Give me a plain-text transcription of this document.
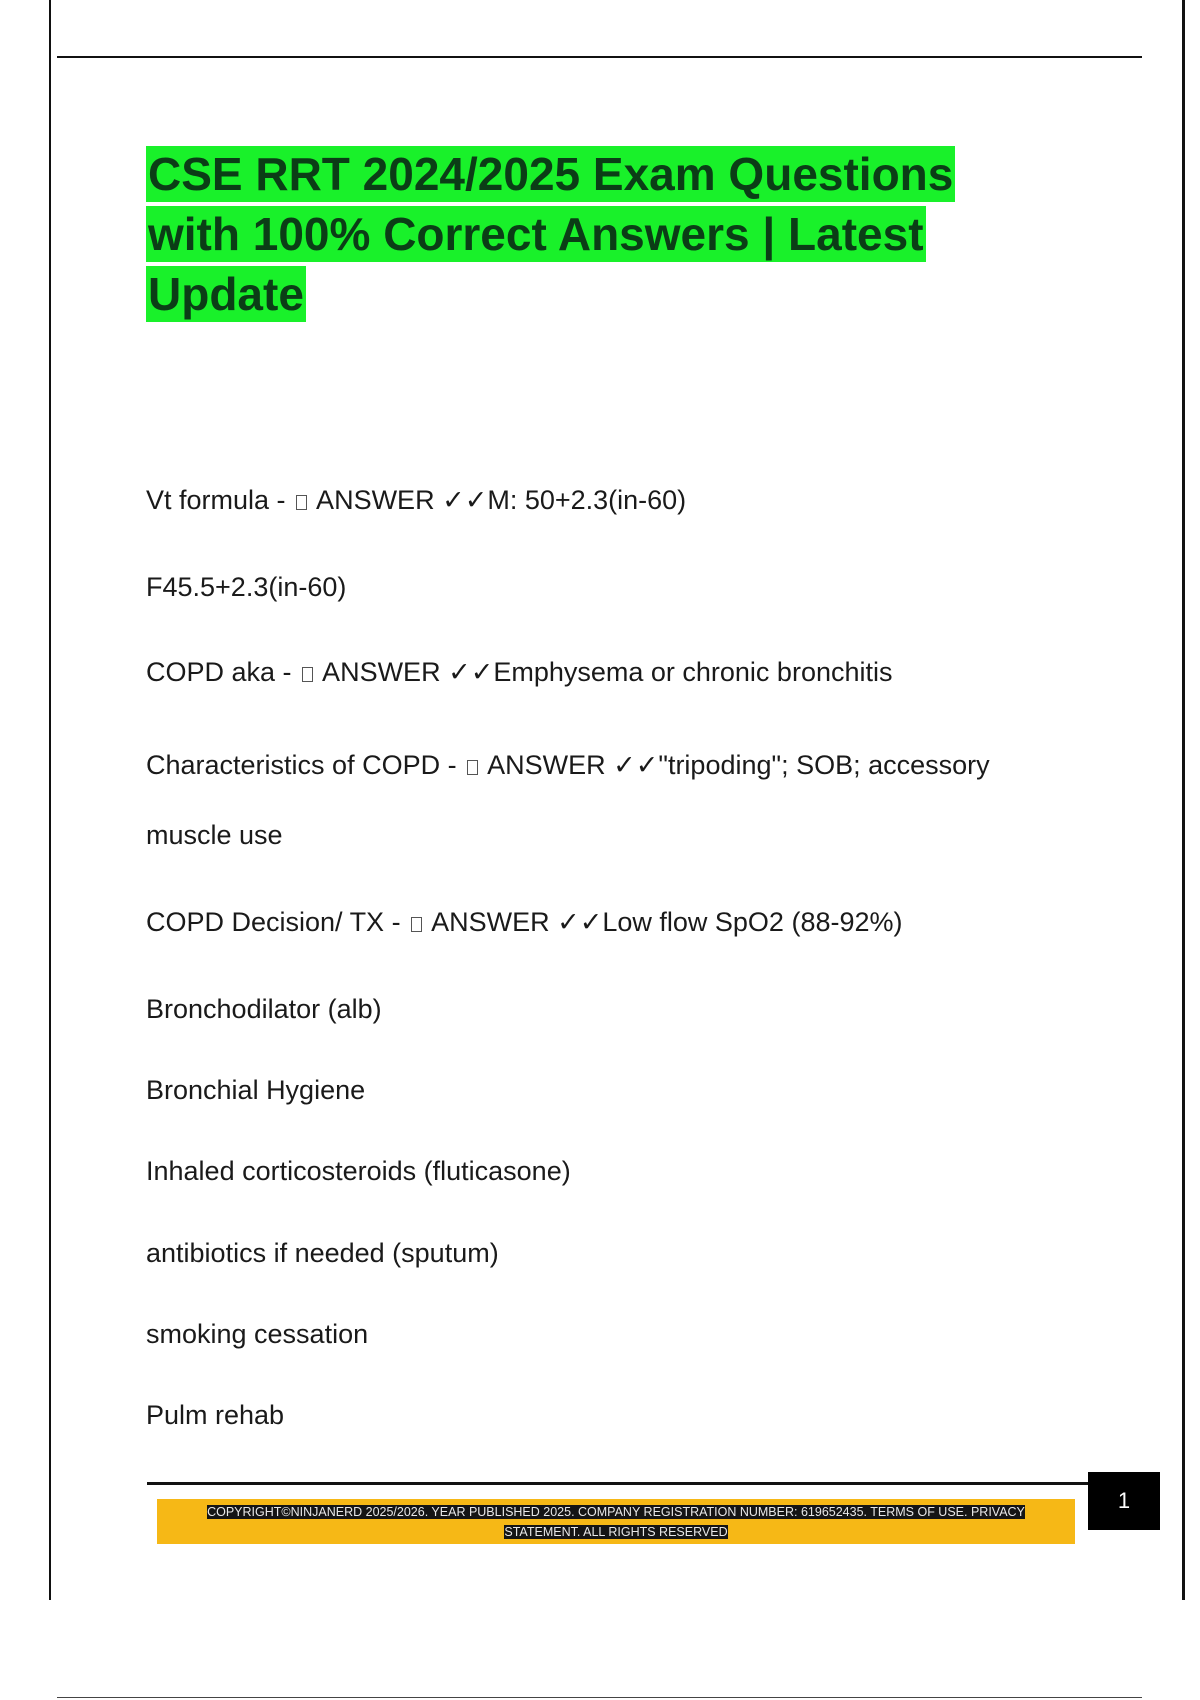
CSE RRT 2024/2025 Exam Questions with 100% Correct Answers | Latest Update

Vt formula -  ANSWER ✓✓M: 50+2.3(in-60)

F45.5+2.3(in-60)

COPD aka -  ANSWER ✓✓Emphysema or chronic bronchitis

Characteristics of COPD -  ANSWER ✓✓"tripoding"; SOB; accessory

muscle use

COPD Decision/ TX -  ANSWER ✓✓Low flow SpO2 (88-92%)

Bronchodilator (alb)

Bronchial Hygiene

Inhaled corticosteroids (fluticasone)

antibiotics if needed (sputum)

smoking cessation

Pulm rehab

1
COPYRIGHT©NINJANERD 2025/2026. YEAR PUBLISHED 2025. COMPANY REGISTRATION NUMBER: 619652435. TERMS OF USE. PRIVACY STATEMENT. ALL RIGHTS RESERVED
